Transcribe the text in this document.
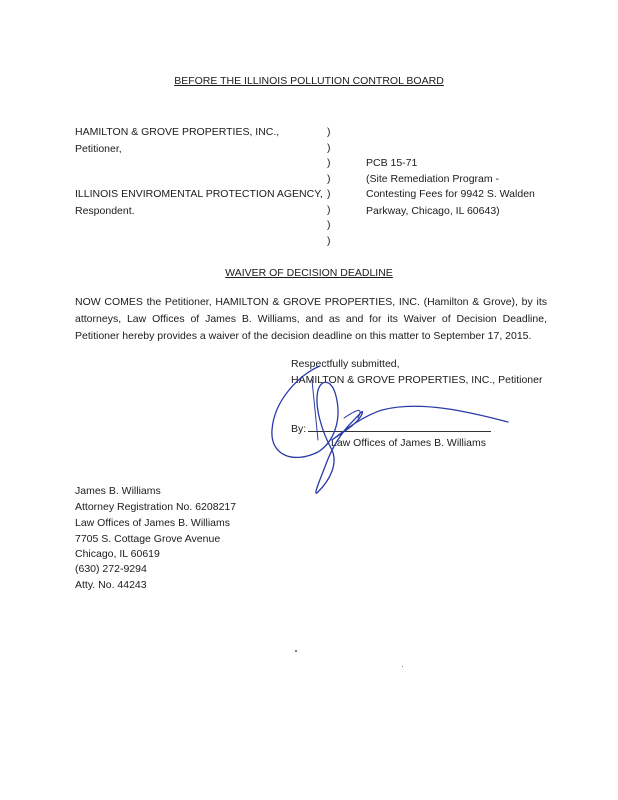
BEFORE THE ILLINOIS POLLUTION CONTROL BOARD
HAMILTON & GROVE PROPERTIES, INC.,
Petitioner,
ILLINOIS ENVIROMENTAL PROTECTION AGENCY,
Respondent.
)
)
)
)
)
)
)
)
PCB 15-71
(Site Remediation Program -
Contesting Fees for 9942 S. Walden
Parkway, Chicago, IL 60643)
WAIVER OF DECISION DEADLINE
NOW COMES the Petitioner, HAMILTON & GROVE PROPERTIES, INC. (Hamilton & Grove), by its attorneys, Law Offices of James B. Williams, and as and for its Waiver of Decision Deadline, Petitioner hereby provides a waiver of the decision deadline on this matter to September 17, 2015.
Respectfully submitted,
HAMILTON & GROVE PROPERTIES, INC., Petitioner
By:
Law Offices of James B. Williams
James B. Williams
Attorney Registration No. 6208217
Law Offices of James B. Williams
7705 S. Cottage Grove Avenue
Chicago, IL 60619
(630) 272-9294
Atty. No. 44243
